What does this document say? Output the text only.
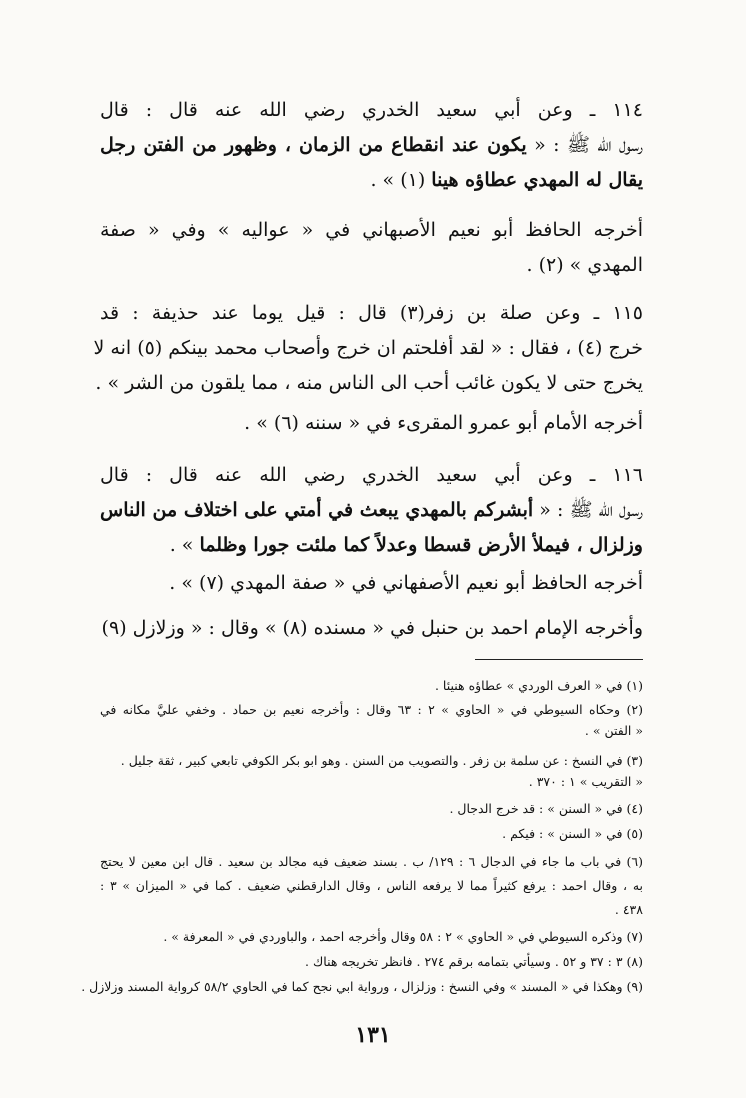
١١٤ ـ وعن أبي سعيد الخدري رضي الله عنه قال : قال
رسول الله ﷺ : « يكون عند انقطاع من الزمان ، وظهور من الفتن رجل
يقال له المهدي عطاؤه هينا (١) » .
أخرجه الحافظ أبو نعيم الأصبهاني في « عواليه » وفي « صفة
المهدي » (٢) .
١١٥ ـ وعن صلة بن زفر(٣) قال : قيل يوما عند حذيفة : قد
خرج (٤) ، فقال : « لقد أفلحتم ان خرج وأصحاب محمد بينكم (٥) انه لا
يخرج حتى لا يكون غائب أحب الى الناس منه ، مما يلقون من الشر » .
أخرجه الأمام أبو عمرو المقرىء في « سننه (٦) » .
١١٦ ـ وعن أبي سعيد الخدري رضي الله عنه قال : قال
رسول الله ﷺ : « أبشركم بالمهدي يبعث في أمتي على اختلاف من الناس
وزلزال ، فيملأ الأرض قسطا وعدلاً كما ملئت جورا وظلما » .
أخرجه الحافظ أبو نعيم الأصفهاني في « صفة المهدي (٧) » .
وأخرجه الإمام احمد بن حنبل في « مسنده (٨) » وقال : « وزلازل (٩)
(١) في « العرف الوردي » عطاؤه هنيئا .
(٢) وحكاه السيوطي في « الحاوي » ٢ : ٦٣ وقال : وأخرجه نعيم بن حماد . وخفي عليَّ مكانه في
« الفتن » .
(٣) في النسخ : عن سلمة بن زفر . والتصويب من السنن . وهو ابو بكر الكوفي تابعي كبير ، ثقة جليل .
« التقريب » ١ : ٣٧٠ .
(٤) في « السنن » : قد خرج الدجال .
(٥) في « السنن » : فيكم .
(٦) في باب ما جاء في الدجال ٦ : ١٢٩/ ب . بسند ضعيف فيه مجالد بن سعيد . قال ابن معين لا يحتج
به ، وقال احمد : يرفع كثيراً مما لا يرفعه الناس ، وقال الدارقطني ضعيف . كما في « الميزان » ٣ :
٤٣٨ .
(٧) وذكره السيوطي في « الحاوي » ٢ : ٥٨ وقال وأخرجه احمد ، والباوردي في « المعرفة » .
(٨) ٣ : ٣٧ و ٥٢ . وسيأتي بتمامه برقم ٢٧٤ . فانظر تخريجه هناك .
(٩) وهكذا في « المسند » وفي النسخ : وزلزال ، ورواية ابي نجح كما في الحاوي ٥٨/٢ كرواية المسند وزلازل .
١٣١
